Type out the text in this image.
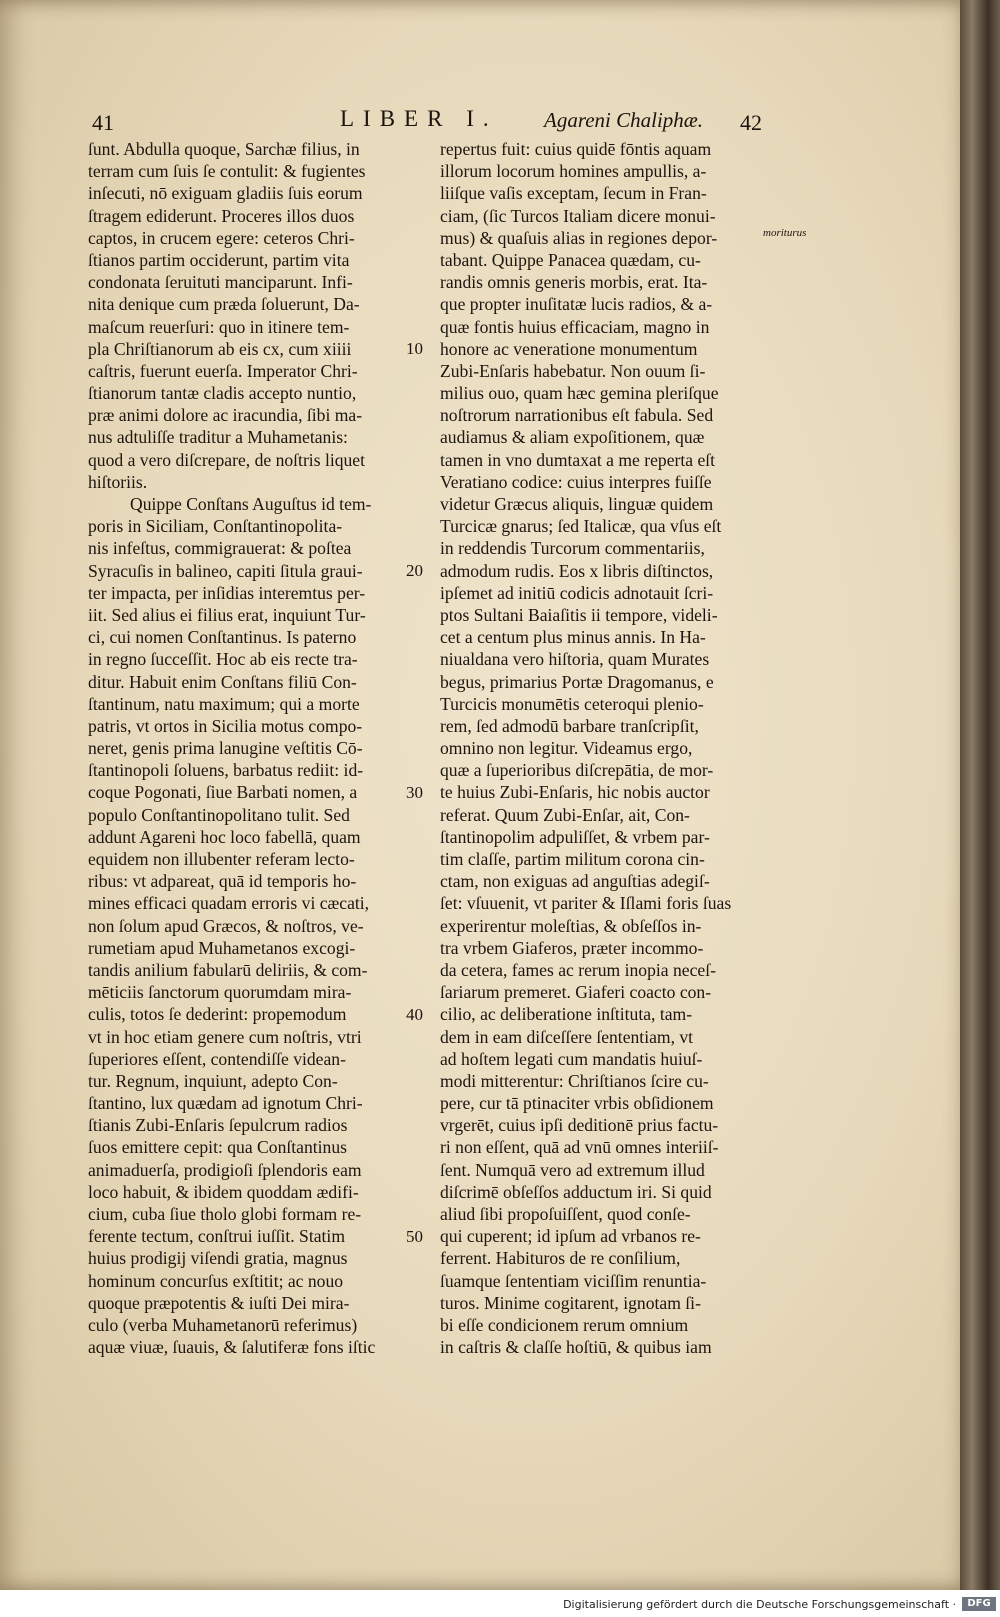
41	LIBER I. Agareni Chaliphæ. 42
ſunt. Abdulla quoque, Sarchæ filius, in
terram cum ſuis ſe contulit: & fugientes
inſecuti, nō exiguam gladiis ſuis eorum
ſtragem ediderunt. Proceres illos duos
captos, in crucem egere: ceteros Chri-
ſtianos partim occiderunt, partim vita
condonata ſeruituti manciparunt. Infi-
nita denique cum præda ſoluerunt, Da-
maſcum reuerſuri: quo in itinere tem-
pla Chriſtianorum ab eis cx, cum xiiii
caſtris, fuerunt euerſa. Imperator Chri-
ſtianorum tantæ cladis accepto nuntio,
præ animi dolore ac iracundia, ſibi ma-
nus adtuliſſe traditur a Muhametanis:
quod a vero diſcrepare, de noſtris liquet
hiſtoriis.
Quippe Conſtans Auguſtus id tem-
poris in Siciliam, Conſtantinopolita-
nis infeſtus, commigrauerat: & poſtea
Syracuſis in balineo, capiti ſitula graui-
ter impacta, per inſidias interemtus per-
iit. Sed alius ei filius erat, inquiunt Tur-
ci, cui nomen Conſtantinus. Is paterno
in regno ſucceſſit. Hoc ab eis recte tra-
ditur. Habuit enim Conſtans filiū Con-
ſtantinum, natu maximum; qui a morte
patris, vt ortos in Sicilia motus compo-
neret, genis prima lanugine veſtitis Cō-
ſtantinopoli ſoluens, barbatus rediit: id-
coque Pogonati, ſiue Barbati nomen, a
populo Conſtantinopolitano tulit. Sed
addunt Agareni hoc loco fabellā, quam
equidem non illubenter referam lecto-
ribus: vt adpareat, quā id temporis ho-
mines efficaci quadam erroris vi cæcati,
non ſolum apud Græcos, & noſtros, ve-
rumetiam apud Muhametanos excogi-
tandis anilium fabularū deliriis, & com-
mēticiis ſanctorum quorumdam mira-
culis, totos ſe dederint: propemodum
vt in hoc etiam genere cum noſtris, vtri
ſuperiores eſſent, contendiſſe videan-
tur. Regnum, inquiunt, adepto Con-
ſtantino, lux quædam ad ignotum Chri-
ſtianis Zubi-Enſaris ſepulcrum radios
ſuos emittere cepit: qua Conſtantinus
animaduerſa, prodigioſi ſplendoris eam
loco habuit, & ibidem quoddam ædifi-
cium, cuba ſiue tholo globi formam re-
ferente tectum, conſtrui iuſſit. Statim
huius prodigij viſendi gratia, magnus
hominum concurſus exſtitit; ac nouo
quoque præpotentis & iuſti Dei mira-
culo (verba Muhametanorū referimus)
aquæ viuæ, ſuauis, & ſalutiferæ fons iſtic
10
20
30
40
50
repertus fuit: cuius quidē fōntis aquam
illorum locorum homines ampullis, a-
liiſque vaſis exceptam, ſecum in Fran-
ciam, (ſic Turcos Italiam dicere monui-
mus) & quaſuis alias in regiones depor-
tabant. Quippe Panacea quædam, cu-
randis omnis generis morbis, erat. Ita-
que propter inuſitatæ lucis radios, & a-
quæ fontis huius efficaciam, magno in
honore ac veneratione monumentum
Zubi-Enſaris habebatur. Non ouum ſi-
milius ouo, quam hæc gemina pleriſque
noſtrorum narrationibus eſt fabula. Sed
audiamus & aliam expoſitionem, quæ
tamen in vno dumtaxat a me reperta eſt
Veratiano codice: cuius interpres fuiſſe
videtur Græcus aliquis, linguæ quidem
Turcicæ gnarus; ſed Italicæ, qua vſus eſt
in reddendis Turcorum commentariis,
admodum rudis. Eos x libris diſtinctos,
ipſemet ad initiū codicis adnotauit ſcri-
ptos Sultani Baiaſitis ii tempore, videli-
cet a centum plus minus annis. In Ha-
niualdana vero hiſtoria, quam Murates
begus, primarius Portæ Dragomanus, e
Turcicis monumētis ceteroqui plenio-
rem, ſed admodū barbare tranſcripſit,
omnino non legitur. Videamus ergo,
quæ a ſuperioribus diſcrepātia, de mor-
te huius Zubi-Enſaris, hic nobis auctor
referat. Quum Zubi-Enſar, ait, Con-
ſtantinopolim adpuliſſet, & vrbem par-
tim claſſe, partim militum corona cin-
ctam, non exiguas ad anguſtias adegiſ-
ſet: vſuuenit, vt pariter & Iſlami foris ſuas
experirentur moleſtias, & obſeſſos in-
tra vrbem Giaferos, præter incommo-
da cetera, fames ac rerum inopia neceſ-
ſariarum premeret. Giaferi coacto con-
cilio, ac deliberatione inſtituta, tam-
dem in eam diſceſſere ſententiam, vt
ad hoſtem legati cum mandatis huiuſ-
modi mitterentur: Chriſtianos ſcire cu-
pere, cur tā ptinaciter vrbis obſidionem
vrgerēt, cuius ipſi deditionē prius factu-
ri non eſſent, quā ad vnū omnes interiiſ-
ſent. Numquā vero ad extremum illud
diſcrimē obſeſſos adductum iri. Si quid
aliud ſibi propoſuiſſent, quod conſe-
qui cuperent; id ipſum ad vrbanos re-
ferrent. Habituros de re conſilium,
ſuamque ſententiam viciſſim renuntia-
turos. Minime cogitarent, ignotam ſi-
bi eſſe condicionem rerum omnium
in caſtris & claſſe hoſtiū, & quibus iam
moriturus
Digitalisierung gefördert durch die Deutsche Forschungsgemeinschaft ·	DFG
